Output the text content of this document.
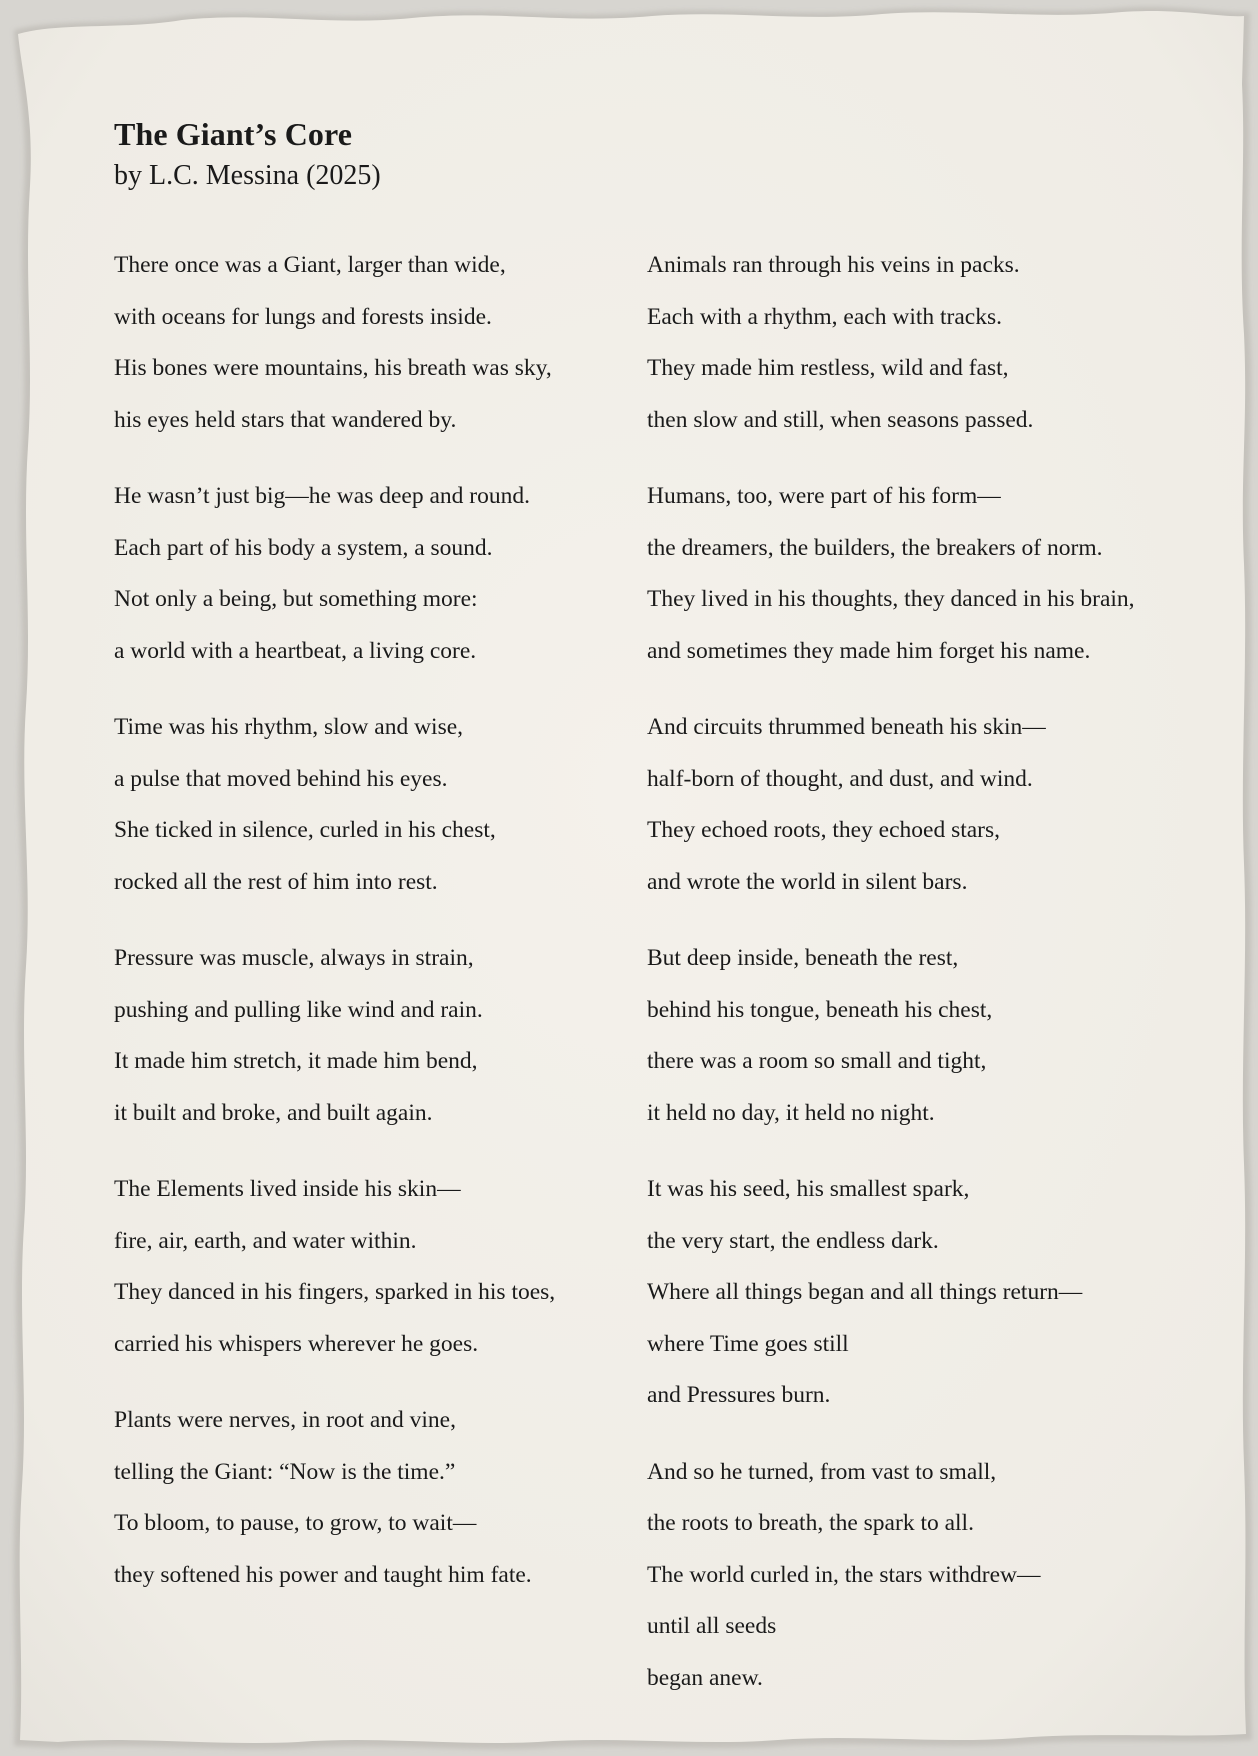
The Giant’s Core

by L.C. Messina (2025)

There once was a Giant, larger than wide,
with oceans for lungs and forests inside.
His bones were mountains, his breath was sky,
his eyes held stars that wandered by.
He wasn’t just big—he was deep and round.
Each part of his body a system, a sound.
Not only a being, but something more:
a world with a heartbeat, a living core.
Time was his rhythm, slow and wise,
a pulse that moved behind his eyes.
She ticked in silence, curled in his chest,
rocked all the rest of him into rest.
Pressure was muscle, always in strain,
pushing and pulling like wind and rain.
It made him stretch, it made him bend,
it built and broke, and built again.
The Elements lived inside his skin—
fire, air, earth, and water within.
They danced in his fingers, sparked in his toes,
carried his whispers wherever he goes.
Plants were nerves, in root and vine,
telling the Giant: “Now is the time.”
To bloom, to pause, to grow, to wait—
they softened his power and taught him fate.
Animals ran through his veins in packs.
Each with a rhythm, each with tracks.
They made him restless, wild and fast,
then slow and still, when seasons passed.
Humans, too, were part of his form—
the dreamers, the builders, the breakers of norm.
They lived in his thoughts, they danced in his brain,
and sometimes they made him forget his name.
And circuits thrummed beneath his skin—
half-born of thought, and dust, and wind.
They echoed roots, they echoed stars,
and wrote the world in silent bars.
But deep inside, beneath the rest,
behind his tongue, beneath his chest,
there was a room so small and tight,
it held no day, it held no night.
It was his seed, his smallest spark,
the very start, the endless dark.
Where all things began and all things return—
where Time goes still
and Pressures burn.
And so he turned, from vast to small,
the roots to breath, the spark to all.
The world curled in, the stars withdrew—
until all seeds
began anew.
